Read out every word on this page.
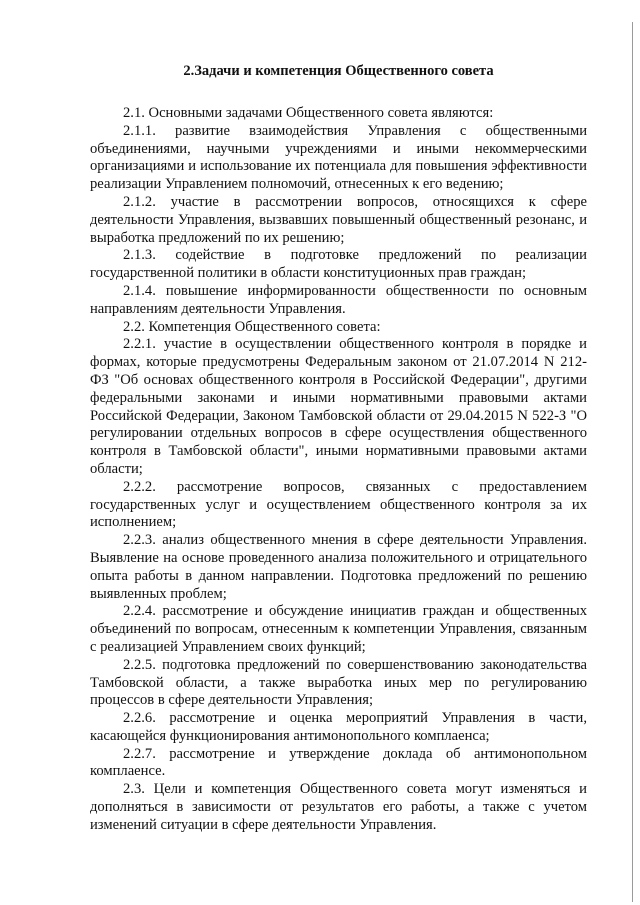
2.Задачи и компетенция Общественного совета

2.1. Основными задачами Общественного совета являются:

2.1.1. развитие взаимодействия Управления с общественными объединениями, научными учреждениями и иными некоммерческими организациями и использование их потенциала для повышения эффективности реализации Управлением полномочий, отнесенных к его ведению;

2.1.2. участие в рассмотрении вопросов, относящихся к сфере деятельности Управления, вызвавших повышенный общественный резонанс, и выработка предложений по их решению;

2.1.3. содействие в подготовке предложений по реализации государственной политики в области конституционных прав граждан;

2.1.4. повышение информированности общественности по основным направлениям деятельности Управления.

2.2. Компетенция Общественного совета:

2.2.1. участие в осуществлении общественного контроля в порядке и формах, которые предусмотрены Федеральным законом от 21.07.2014 N 212-ФЗ "Об основах общественного контроля в Российской Федерации", другими федеральными законами и иными нормативными правовыми актами Российской Федерации, Законом Тамбовской области от 29.04.2015 N 522-З "О регулировании отдельных вопросов в сфере осуществления общественного контроля в Тамбовской области", иными нормативными правовыми актами области;

2.2.2. рассмотрение вопросов, связанных с предоставлением государственных услуг и осуществлением общественного контроля за их исполнением;

2.2.3. анализ общественного мнения в сфере деятельности Управления. Выявление на основе проведенного анализа положительного и отрицательного опыта работы в данном направлении. Подготовка предложений по решению выявленных проблем;

2.2.4. рассмотрение и обсуждение инициатив граждан и общественных объединений по вопросам, отнесенным к компетенции Управления, связанным с реализацией Управлением своих функций;

2.2.5. подготовка предложений по совершенствованию законодательства Тамбовской области, а также выработка иных мер по регулированию процессов в сфере деятельности Управления;

2.2.6. рассмотрение и оценка мероприятий Управления в части, касающейся функционирования антимонопольного комплаенса;

2.2.7. рассмотрение и утверждение доклада об антимонопольном комплаенсе.

2.3. Цели и компетенция Общественного совета могут изменяться и дополняться в зависимости от результатов его работы, а также с учетом изменений ситуации в сфере деятельности Управления.
